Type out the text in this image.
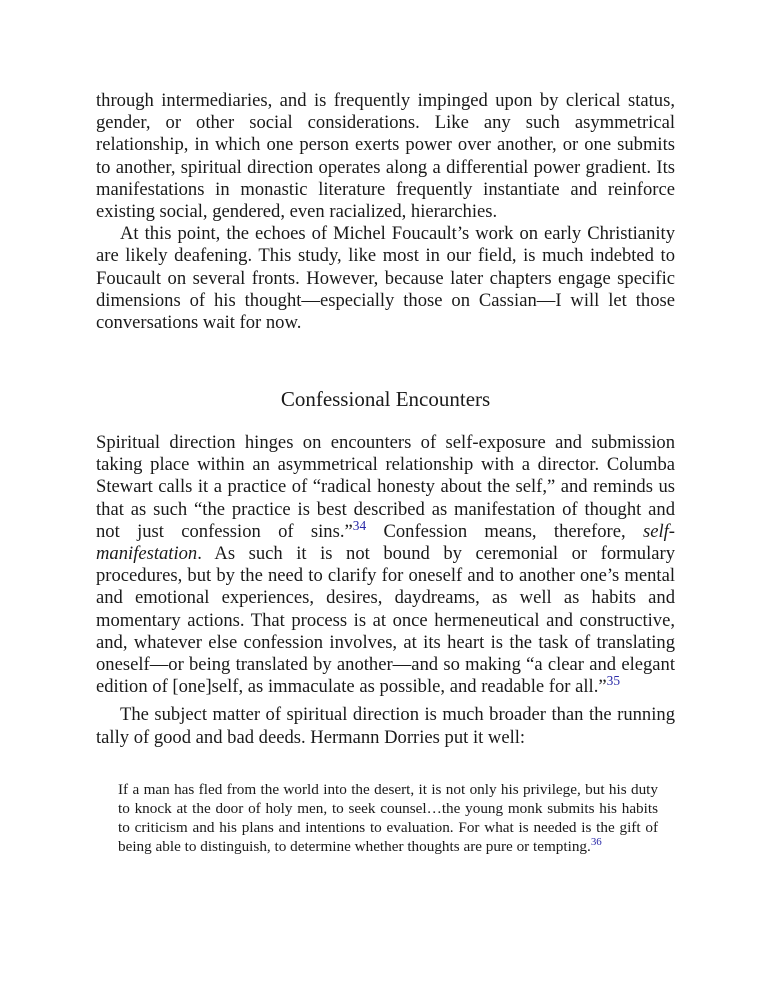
through intermediaries, and is frequently impinged upon by clerical status, gender, or other social considerations. Like any such asymmetrical relationship, in which one person exerts power over another, or one submits to another, spiritual direction operates along a differential power gradient. Its manifestations in monastic literature frequently instantiate and reinforce existing social, gendered, even racialized, hierarchies.

At this point, the echoes of Michel Foucault’s work on early Christianity are likely deafening. This study, like most in our field, is much indebted to Foucault on several fronts. However, because later chapters engage specific dimensions of his thought—especially those on Cassian—I will let those conversations wait for now.

Confessional Encounters

Spiritual direction hinges on encounters of self-exposure and submission taking place within an asymmetrical relationship with a director. Columba Stewart calls it a practice of “radical honesty about the self,” and reminds us that as such “the practice is best described as manifestation of thought and not just confession of sins.”$^{34}$ Confession means, therefore, self-manifestation. As such it is not bound by ceremonial or formulary procedures, but by the need to clarify for oneself and to another one’s mental and emotional experiences, desires, daydreams, as well as habits and momentary actions. That process is at once hermeneutical and constructive, and, whatever else confession involves, at its heart is the task of translating oneself—or being translated by another—and so making “a clear and elegant edition of [one]self, as immaculate as possible, and readable for all.”$^{35}$

The subject matter of spiritual direction is much broader than the running tally of good and bad deeds. Hermann Dorries put it well:

If a man has fled from the world into the desert, it is not only his privilege, but his duty to knock at the door of holy men, to seek counsel…the young monk submits his habits to criticism and his plans and intentions to evaluation. For what is needed is the gift of being able to distinguish, to determine whether thoughts are pure or tempting.$^{36}$
